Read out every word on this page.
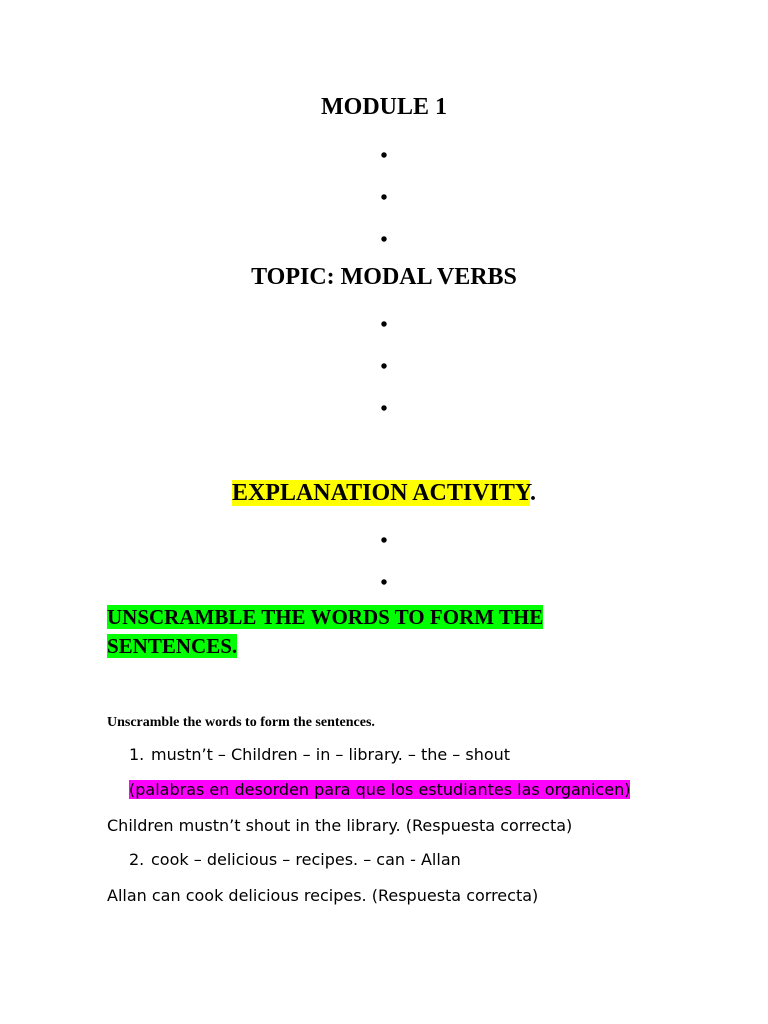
MODULE 1
•
•
•
TOPIC: MODAL VERBS
•
•
•
EXPLANATION ACTIVITY.
•
•
UNSCRAMBLE THE WORDS TO FORM THE SENTENCES.
Unscramble the words to form the sentences.
1. mustn’t – Children – in – library. – the – shout
(palabras en desorden para que los estudiantes las organicen)
Children mustn’t shout in the library. (Respuesta correcta)
2. cook – delicious – recipes. – can - Allan
Allan can cook delicious recipes. (Respuesta correcta)
